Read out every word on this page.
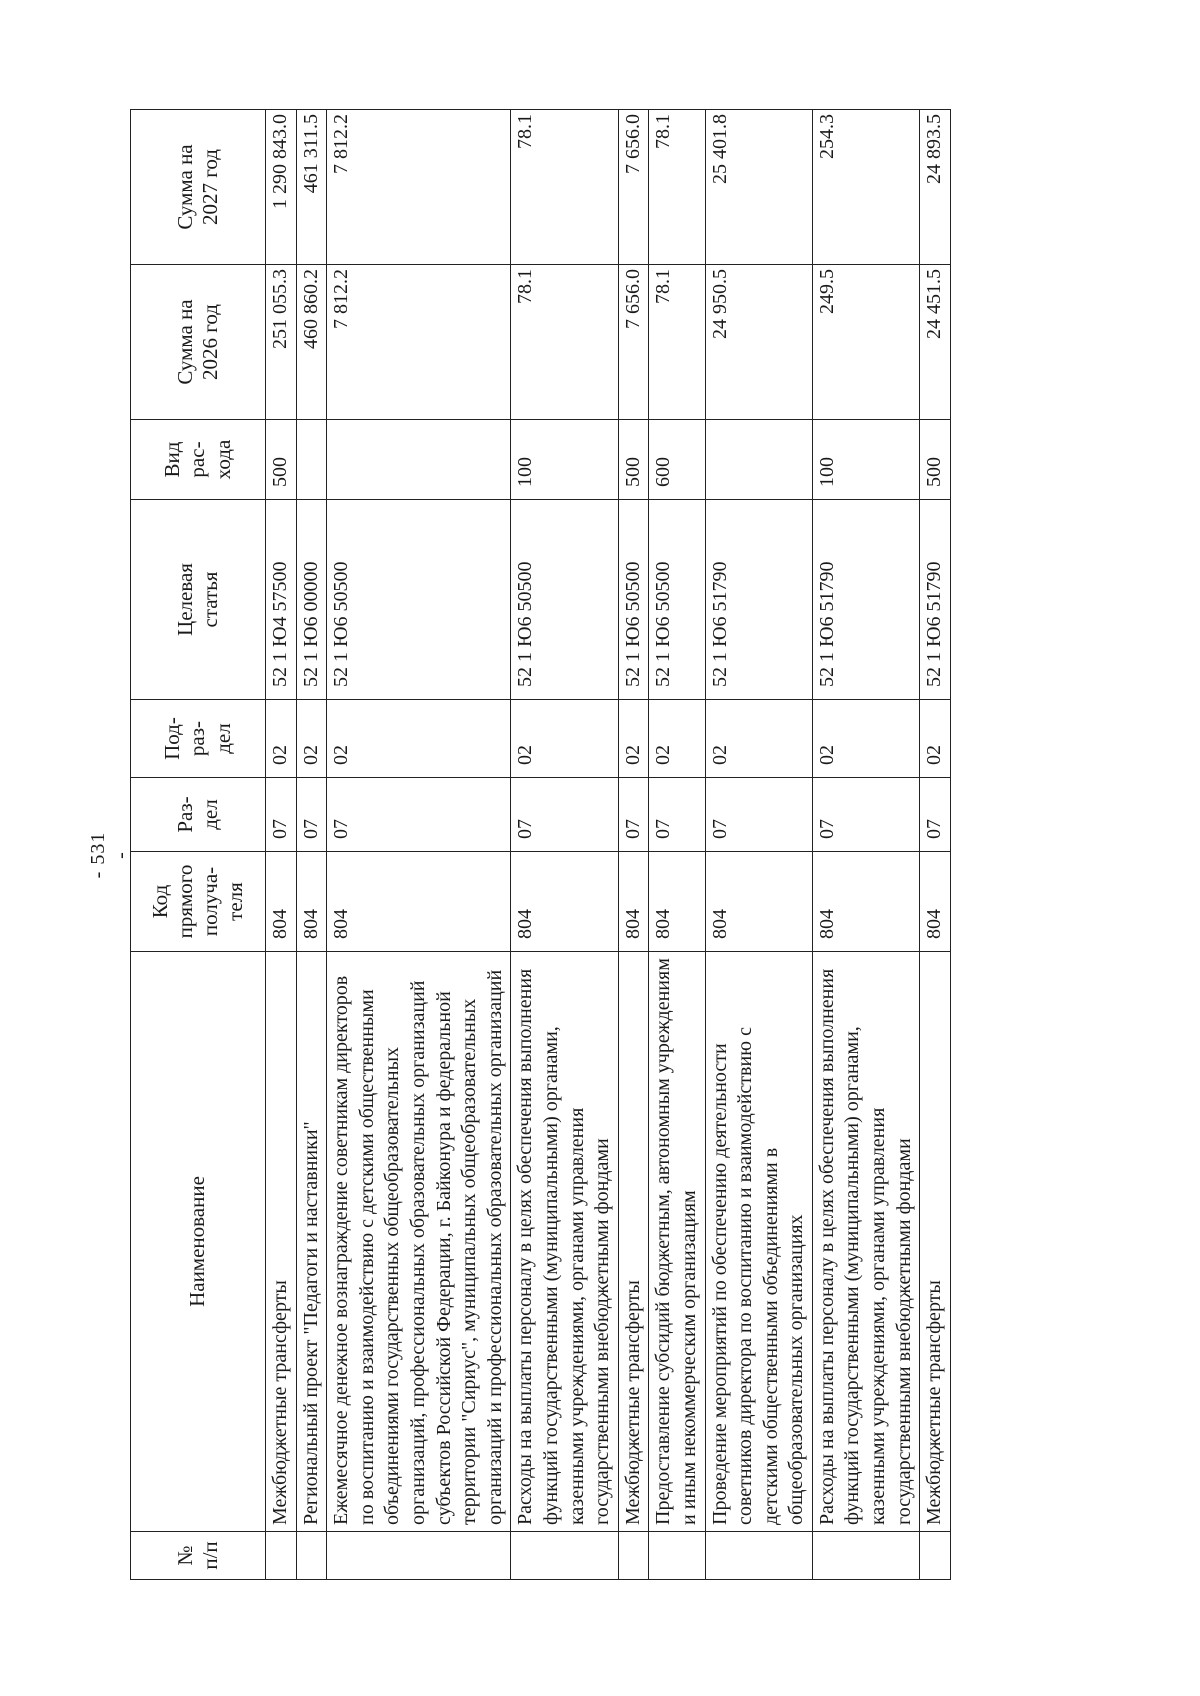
- 531 -
№
п/п	Наименование	Код
прямого
получа-
теля	Раз-
дел	Под-
раз-
дел	Целевая
статья	Вид
рас-
хода	Сумма на
2026 год	Сумма на
2027 год
	Межбюджетные трансферты	804	07	02	52 1 Ю4 57500	500	251 055.3	1 290 843.0
	Региональный проект "Педагоги и наставники"	804	07	02	52 1 Ю6 00000		460 860.2	461 311.5
	Ежемесячное денежное вознаграждение советникам директоров по воспитанию и взаимодействию с детскими общественными объединениями государственных общеобразовательных организаций, профессиональных образовательных организаций субъектов Российской Федерации, г. Байконура и федеральной территории "Сириус", муниципальных общеобразовательных организаций и профессиональных образовательных организаций	804	07	02	52 1 Ю6 50500		7 812.2	7 812.2
	Расходы на выплаты персоналу в целях обеспечения выполнения функций государственными (муниципальными) органами, казенными учреждениями, органами управления государственными внебюджетными фондами	804	07	02	52 1 Ю6 50500	100	78.1	78.1
	Межбюджетные трансферты	804	07	02	52 1 Ю6 50500	500	7 656.0	7 656.0
	Предоставление субсидий бюджетным, автономным учреждениям и иным некоммерческим организациям	804	07	02	52 1 Ю6 50500	600	78.1	78.1
	Проведение мероприятий по обеспечению деятельности советников директора по воспитанию и взаимодействию с детскими общественными объединениями в общеобразовательных организациях	804	07	02	52 1 Ю6 51790		24 950.5	25 401.8
	Расходы на выплаты персоналу в целях обеспечения выполнения функций государственными (муниципальными) органами, казенными учреждениями, органами управления государственными внебюджетными фондами	804	07	02	52 1 Ю6 51790	100	249.5	254.3
	Межбюджетные трансферты	804	07	02	52 1 Ю6 51790	500	24 451.5	24 893.5
